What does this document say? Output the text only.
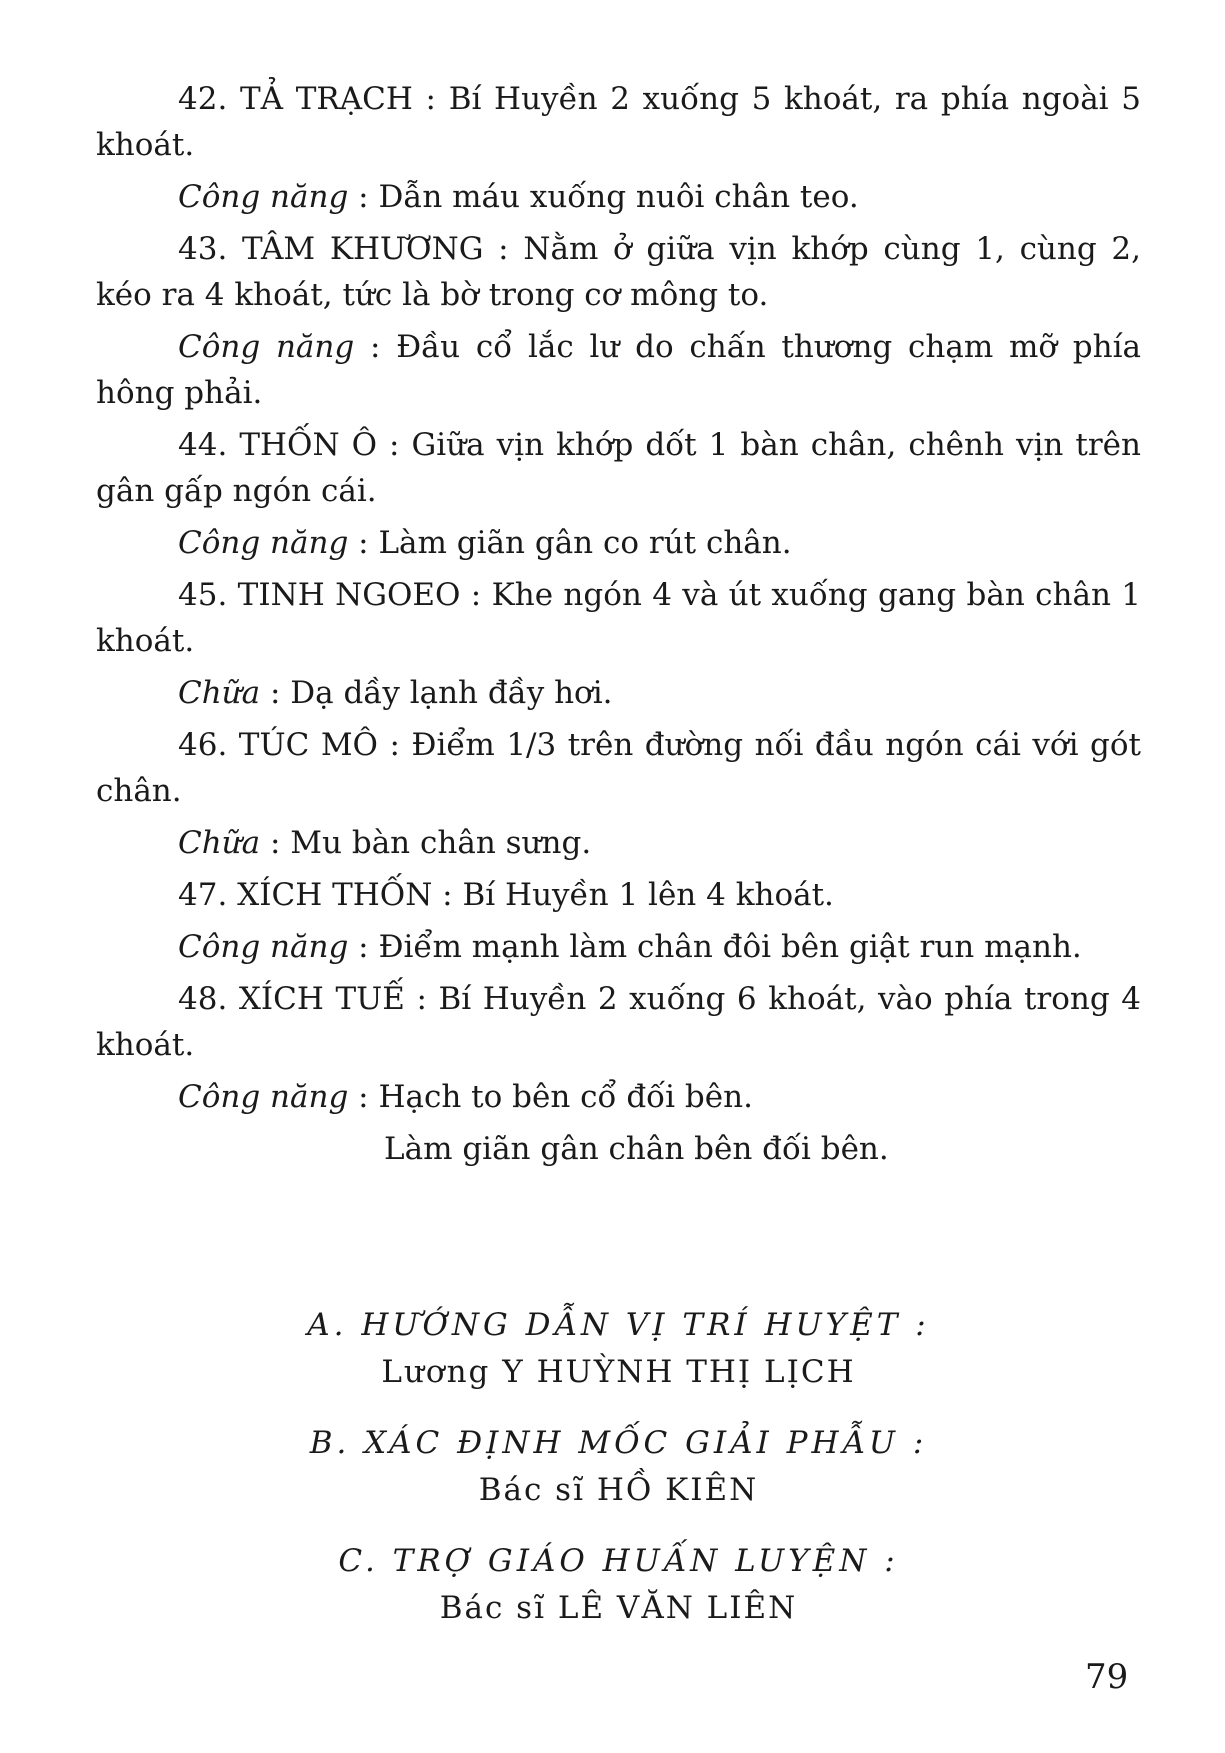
42. TẢ TRẠCH : Bí Huyền 2 xuống 5 khoát, ra phía ngoài 5 khoát.

Công năng : Dẫn máu xuống nuôi chân teo.

43. TÂM KHƯƠNG : Nằm ở giữa vịn khớp cùng 1, cùng 2, kéo ra 4 khoát, tức là bờ trong cơ mông to.

Công năng : Đầu cổ lắc lư do chấn thương chạm mỡ phía hông phải.

44. THỐN Ô : Giữa vịn khớp dốt 1 bàn chân, chênh vịn trên gân gấp ngón cái.

Công năng : Làm giãn gân co rút chân.

45. TINH NGOEO : Khe ngón 4 và út xuống gang bàn chân 1 khoát.

Chữa : Dạ dầy lạnh đầy hơi.

46. TÚC MÔ : Điểm 1/3 trên đường nối đầu ngón cái với gót chân.

Chữa : Mu bàn chân sưng.

47. XÍCH THỐN : Bí Huyền 1 lên 4 khoát.

Công năng : Điểm mạnh làm chân đôi bên giật run mạnh.

48. XÍCH TUẾ : Bí Huyền 2 xuống 6 khoát, vào phía trong 4 khoát.

Công năng : Hạch to bên cổ đối bên.

Làm giãn gân chân bên đối bên.

A. HƯỚNG DẪN VỊ TRÍ HUYỆT :
Lương Y HUỲNH THỊ LỊCH
B. XÁC ĐỊNH MỐC GIẢI PHẪU :
Bác sĩ HỒ KIÊN
C. TRỢ GIÁO HUẤN LUYỆN :
Bác sĩ LÊ VĂN LIÊN
79
